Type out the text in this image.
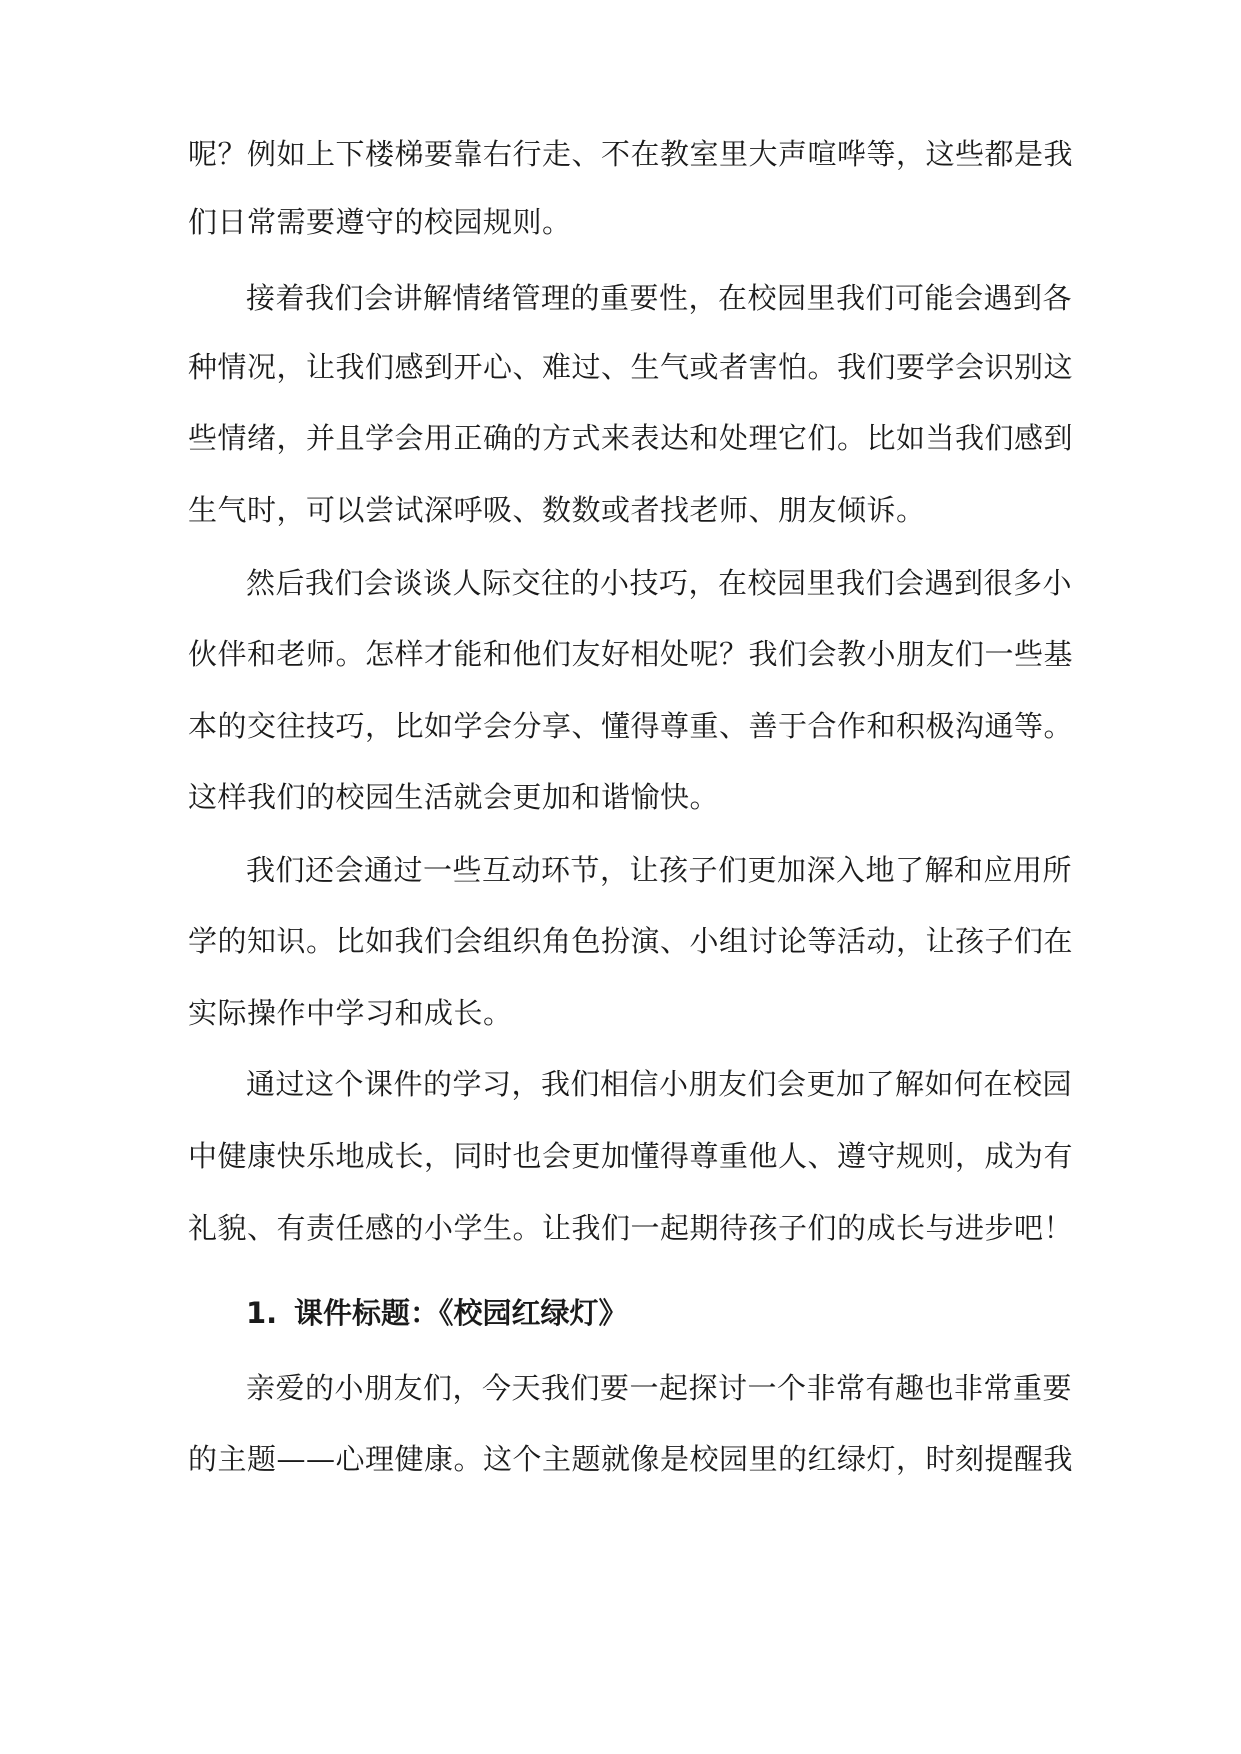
呢？例如上下楼梯要靠右行走、不在教室里大声喧哗等，这些都是我
们日常需要遵守的校园规则。
接着我们会讲解情绪管理的重要性，在校园里我们可能会遇到各
种情况，让我们感到开心、难过、生气或者害怕。我们要学会识别这
些情绪，并且学会用正确的方式来表达和处理它们。比如当我们感到
生气时，可以尝试深呼吸、数数或者找老师、朋友倾诉。
然后我们会谈谈人际交往的小技巧，在校园里我们会遇到很多小
伙伴和老师。怎样才能和他们友好相处呢？我们会教小朋友们一些基
本的交往技巧，比如学会分享、懂得尊重、善于合作和积极沟通等。
这样我们的校园生活就会更加和谐愉快。
我们还会通过一些互动环节，让孩子们更加深入地了解和应用所
学的知识。比如我们会组织角色扮演、小组讨论等活动，让孩子们在
实际操作中学习和成长。
通过这个课件的学习，我们相信小朋友们会更加了解如何在校园
中健康快乐地成长，同时也会更加懂得尊重他人、遵守规则，成为有
礼貌、有责任感的小学生。让我们一起期待孩子们的成长与进步吧！
1. 课件标题：《校园红绿灯》
亲爱的小朋友们，今天我们要一起探讨一个非常有趣也非常重要
的主题——心理健康。这个主题就像是校园里的红绿灯，时刻提醒我
